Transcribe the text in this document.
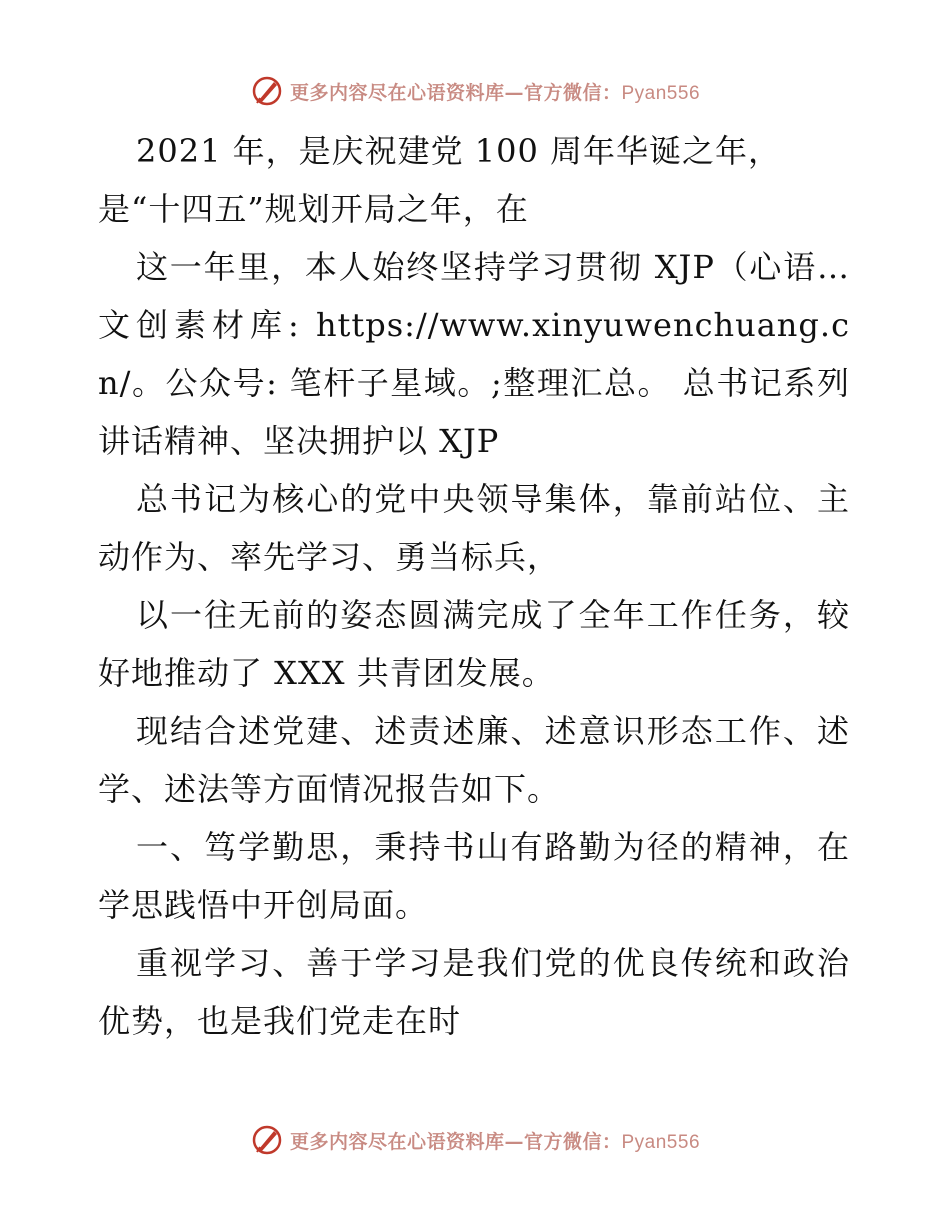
更多内容尽在心语资料库—官方微信：Pyan556

2021 年，是庆祝建党 100 周年华诞之年，

是“十四五”规划开局之年，在

这一年里，本人始终坚持学习贯彻 XJP（心语… 文创素材库: https://www.xinyuwenchuang.cn/。公众号: 笔杆子星域。;整理汇总。 总书记系列讲话精神、坚决拥护以 XJP

总书记为核心的党中央领导集体，靠前站位、主动作为、率先学习、勇当标兵，

以一往无前的姿态圆满完成了全年工作任务，较好地推动了 XXX 共青团发展。

现结合述党建、述责述廉、述意识形态工作、述学、述法等方面情况报告如下。

一、笃学勤思，秉持书山有路勤为径的精神，在学思践悟中开创局面。

重视学习、善于学习是我们党的优良传统和政治优势，也是我们党走在时

更多内容尽在心语资料库—官方微信：Pyan556
